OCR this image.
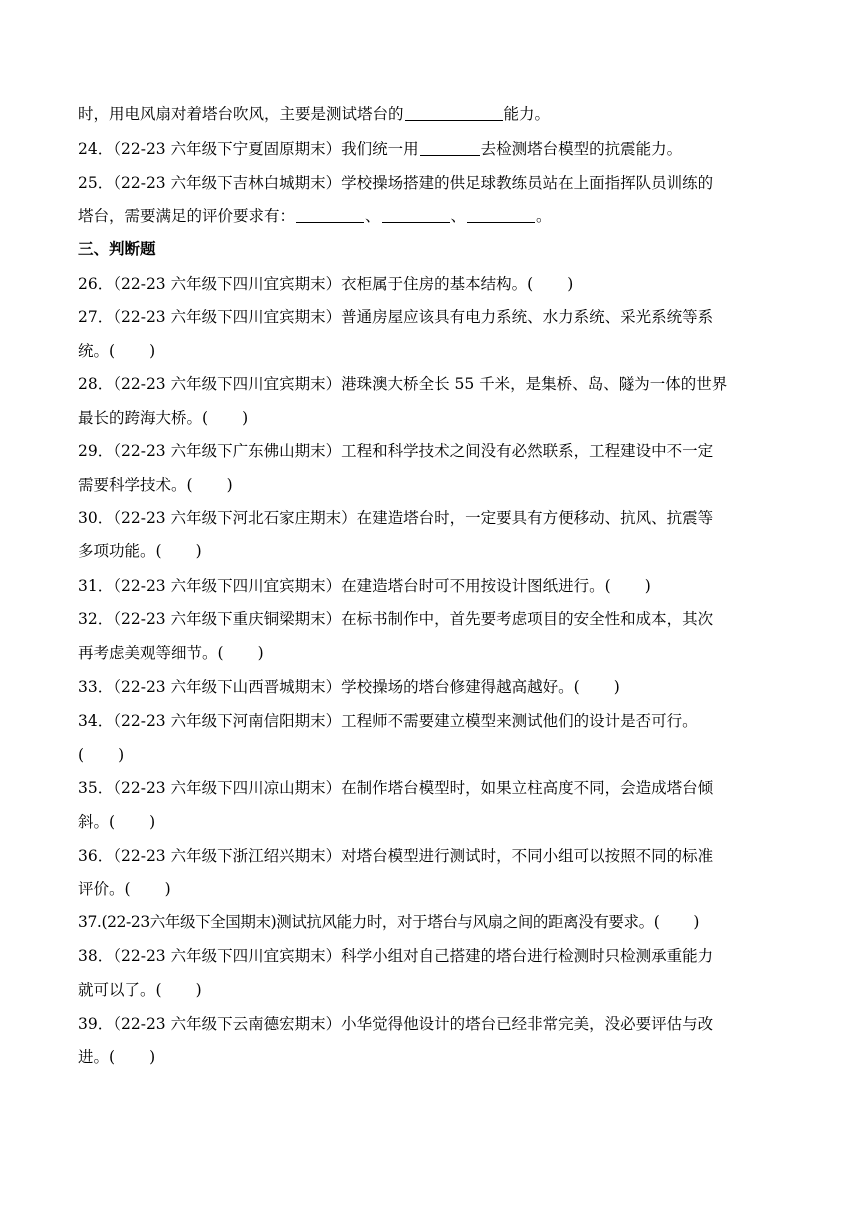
时，用电风扇对着塔台吹风，主要是测试塔台的	能力。
24．（22-23 六年级下宁夏固原期末）我们统一用	去检测塔台模型的抗震能力。
25．（22-23 六年级下吉林白城期末）学校操场搭建的供足球教练员站在上面指挥队员训练的
塔台，需要满足的评价要求有：	、	、	。
三、判断题
26．（22-23 六年级下四川宜宾期末）衣柜属于住房的基本结构。( )
27．（22-23 六年级下四川宜宾期末）普通房屋应该具有电力系统、水力系统、采光系统等系
统。( )
28．（22-23 六年级下四川宜宾期末）港珠澳大桥全长 55 千米，是集桥、岛、隧为一体的世界
最长的跨海大桥。( )
29．（22-23 六年级下广东佛山期末）工程和科学技术之间没有必然联系，工程建设中不一定
需要科学技术。( )
30．（22-23 六年级下河北石家庄期末）在建造塔台时，一定要具有方便移动、抗风、抗震等
多项功能。( )
31．（22-23 六年级下四川宜宾期末）在建造塔台时可不用按设计图纸进行。( )
32．（22-23 六年级下重庆铜梁期末）在标书制作中，首先要考虑项目的安全性和成本，其次
再考虑美观等细节。( )
33．（22-23 六年级下山西晋城期末）学校操场的塔台修建得越高越好。( )
34．（22-23 六年级下河南信阳期末）工程师不需要建立模型来测试他们的设计是否可行。
( )
35．（22-23 六年级下四川凉山期末）在制作塔台模型时，如果立柱高度不同，会造成塔台倾
斜。( )
36．（22-23 六年级下浙江绍兴期末）对塔台模型进行测试时，不同小组可以按照不同的标准
评价。( )
37.(22-23六年级下全国期末)测试抗风能力时，对于塔台与风扇之间的距离没有要求。( )
38．（22-23 六年级下四川宜宾期末）科学小组对自己搭建的塔台进行检测时只检测承重能力
就可以了。( )
39．（22-23 六年级下云南德宏期末）小华觉得他设计的塔台已经非常完美，没必要评估与改
进。( )
